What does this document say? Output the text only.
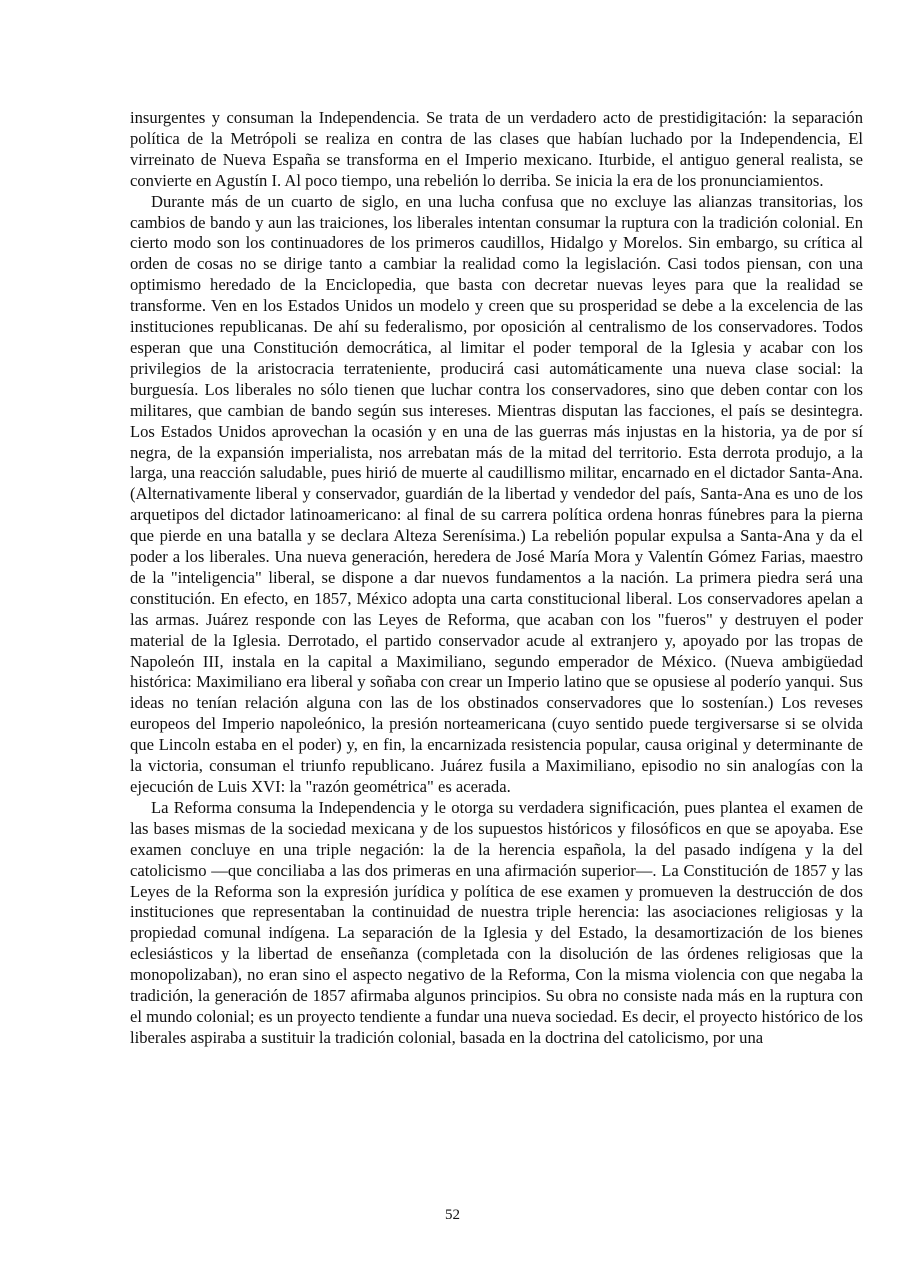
insurgentes y consuman la Independencia. Se trata de un verdadero acto de prestidigitación: la separación política de la Metrópoli se realiza en contra de las clases que habían luchado por la Independencia, El virreinato de Nueva España se transforma en el Imperio mexicano. Iturbide, el antiguo general realista, se convierte en Agustín I. Al poco tiempo, una rebelión lo derriba. Se inicia la era de los pronunciamientos.

Durante más de un cuarto de siglo, en una lucha confusa que no excluye las alianzas transitorias, los cambios de bando y aun las traiciones, los liberales intentan consumar la ruptura con la tradición colonial. En cierto modo son los continuadores de los primeros caudillos, Hidalgo y Morelos. Sin embargo, su crítica al orden de cosas no se dirige tanto a cambiar la realidad como la legislación. Casi todos piensan, con una optimismo heredado de la Enciclopedia, que basta con decretar nuevas leyes para que la realidad se transforme. Ven en los Estados Unidos un modelo y creen que su prosperidad se debe a la excelencia de las instituciones republicanas. De ahí su federalismo, por oposición al centralismo de los conservadores. Todos esperan que una Constitución democrática, al limitar el poder temporal de la Iglesia y acabar con los privilegios de la aristocracia terrateniente, producirá casi automáticamente una nueva clase social: la burguesía. Los liberales no sólo tienen que luchar contra los conservadores, sino que deben contar con los militares, que cambian de bando según sus intereses. Mientras disputan las facciones, el país se desintegra. Los Estados Unidos aprovechan la ocasión y en una de las guerras más injustas en la historia, ya de por sí negra, de la expansión imperialista, nos arrebatan más de la mitad del territorio. Esta derrota produjo, a la larga, una reacción saludable, pues hirió de muerte al caudillismo militar, encarnado en el dictador Santa-Ana. (Alternativamente liberal y conservador, guardián de la libertad y vendedor del país, Santa-Ana es uno de los arquetipos del dictador latinoamericano: al final de su carrera política ordena honras fúnebres para la pierna que pierde en una batalla y se declara Alteza Serenísima.) La rebelión popular expulsa a Santa-Ana y da el poder a los liberales. Una nueva generación, heredera de José María Mora y Valentín Gómez Farias, maestro de la "inteligencia" liberal, se dispone a dar nuevos fundamentos a la nación. La primera piedra será una constitución. En efecto, en 1857, México adopta una carta constitucional liberal. Los conservadores apelan a las armas. Juárez responde con las Leyes de Reforma, que acaban con los "fueros" y destruyen el poder material de la Iglesia. Derrotado, el partido conservador acude al extranjero y, apoyado por las tropas de Napoleón III, instala en la capital a Maximiliano, segundo emperador de México. (Nueva ambigüedad histórica: Maximiliano era liberal y soñaba con crear un Imperio latino que se opusiese al poderío yanqui. Sus ideas no tenían relación alguna con las de los obstinados conservadores que lo sostenían.) Los reveses europeos del Imperio napoleónico, la presión norteamericana (cuyo sentido puede tergiversarse si se olvida que Lincoln estaba en el poder) y, en fin, la encarnizada resistencia popular, causa original y determinante de la victoria, consuman el triunfo republicano. Juárez fusila a Maximiliano, episodio no sin analogías con la ejecución de Luis XVI: la "razón geométrica" es acerada.

La Reforma consuma la Independencia y le otorga su verdadera significación, pues plantea el examen de las bases mismas de la sociedad mexicana y de los supuestos históricos y filosóficos en que se apoyaba. Ese examen concluye en una triple negación: la de la herencia española, la del pasado indígena y la del catolicismo —que conciliaba a las dos primeras en una afirmación superior—. La Constitución de 1857 y las Leyes de la Reforma son la expresión jurídica y política de ese examen y promueven la destrucción de dos instituciones que representaban la continuidad de nuestra triple herencia: las asociaciones religiosas y la propiedad comunal indígena. La separación de la Iglesia y del Estado, la desamortización de los bienes eclesiásticos y la libertad de enseñanza (completada con la disolución de las órdenes religiosas que la monopolizaban), no eran sino el aspecto negativo de la Reforma, Con la misma violencia con que negaba la tradición, la generación de 1857 afirmaba algunos principios. Su obra no consiste nada más en la ruptura con el mundo colonial; es un proyecto tendiente a fundar una nueva sociedad. Es decir, el proyecto histórico de los liberales aspiraba a sustituir la tradición colonial, basada en la doctrina del catolicismo, por una

52
